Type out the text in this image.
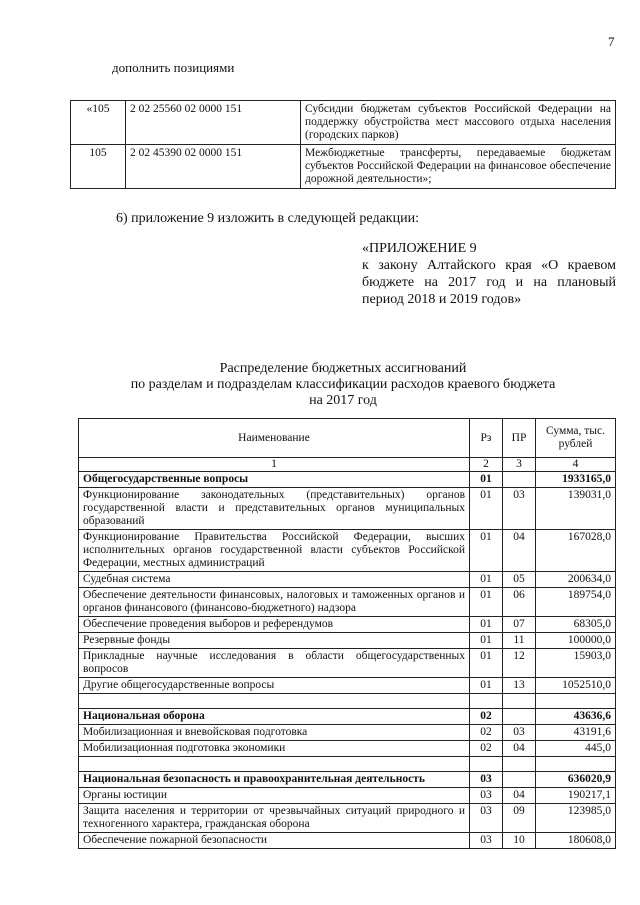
7
дополнить позициями
«105	2 02 25560 02 0000 151	Субсидии бюджетам субъектов Российской Федерации на поддержку обустройства мест массового отдыха населения (городских парков)
105	2 02 45390 02 0000 151	Межбюджетные трансферты, передаваемые бюджетам субъектов Российской Федерации на финансовое обеспечение дорожной деятельности»;
6) приложение 9 изложить в следующей редакции:
«ПРИЛОЖЕНИЕ 9
к закону Алтайского края «О краевом
бюджете на 2017 год и на плановый
период 2018 и 2019 годов»
Распределение бюджетных ассигнований
по разделам и подразделам классификации расходов краевого бюджета
на 2017 год
Наименование	Рз	ПР	Сумма, тыс. рублей
1	2	3	4
Общегосударственные вопросы	01		1933165,0
Функционирование законодательных (представительных) органов государственной власти и представительных органов муниципальных образований	01	03	139031,0
Функционирование Правительства Российской Федерации, высших исполнительных органов государственной власти субъектов Российской Федерации, местных администраций	01	04	167028,0
Судебная система	01	05	200634,0
Обеспечение деятельности финансовых, налоговых и таможенных органов и органов финансового (финансово-бюджетного) надзора	01	06	189754,0
Обеспечение проведения выборов и референдумов	01	07	68305,0
Резервные фонды	01	11	100000,0
Прикладные научные исследования в области общегосударственных вопросов	01	12	15903,0
Другие общегосударственные вопросы	01	13	1052510,0

Национальная оборона	02		43636,6
Мобилизационная и вневойсковая подготовка	02	03	43191,6
Мобилизационная подготовка экономики	02	04	445,0

Национальная безопасность и правоохранительная деятельность	03		636020,9
Органы юстиции	03	04	190217,1
Защита населения и территории от чрезвычайных ситуаций природного и техногенного характера, гражданская оборона	03	09	123985,0
Обеспечение пожарной безопасности	03	10	180608,0
